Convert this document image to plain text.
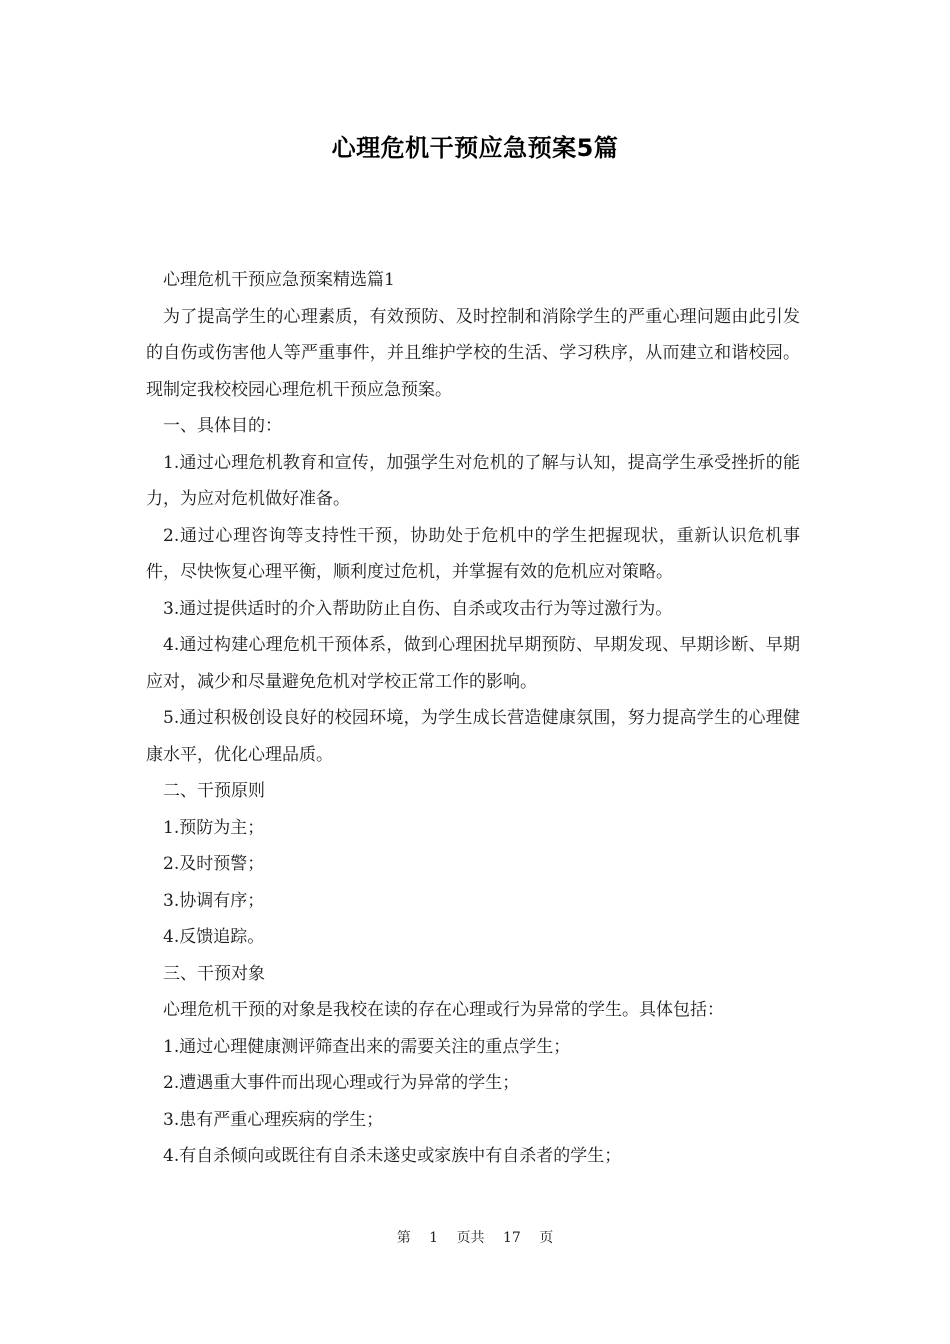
心理危机干预应急预案5篇

心理危机干预应急预案精选篇1

为了提高学生的心理素质，有效预防、及时控制和消除学生的严重心理问题由此引发的自伤或伤害他人等严重事件，并且维护学校的生活、学习秩序，从而建立和谐校园。现制定我校校园心理危机干预应急预案。

一、具体目的：

1.通过心理危机教育和宣传，加强学生对危机的了解与认知，提高学生承受挫折的能力，为应对危机做好准备。

2.通过心理咨询等支持性干预，协助处于危机中的学生把握现状，重新认识危机事件，尽快恢复心理平衡，顺利度过危机，并掌握有效的危机应对策略。

3.通过提供适时的介入帮助防止自伤、自杀或攻击行为等过激行为。

4.通过构建心理危机干预体系，做到心理困扰早期预防、早期发现、早期诊断、早期应对，减少和尽量避免危机对学校正常工作的影响。

5.通过积极创设良好的校园环境，为学生成长营造健康氛围，努力提高学生的心理健康水平，优化心理品质。

二、干预原则

1.预防为主；

2.及时预警；

3.协调有序；

4.反馈追踪。

三、干预对象

心理危机干预的对象是我校在读的存在心理或行为异常的学生。具体包括：

1.通过心理健康测评筛查出来的需要关注的重点学生；

2.遭遇重大事件而出现心理或行为异常的学生；

3.患有严重心理疾病的学生；

4.有自杀倾向或既往有自杀未遂史或家族中有自杀者的学生；

第 1 页共 17 页
